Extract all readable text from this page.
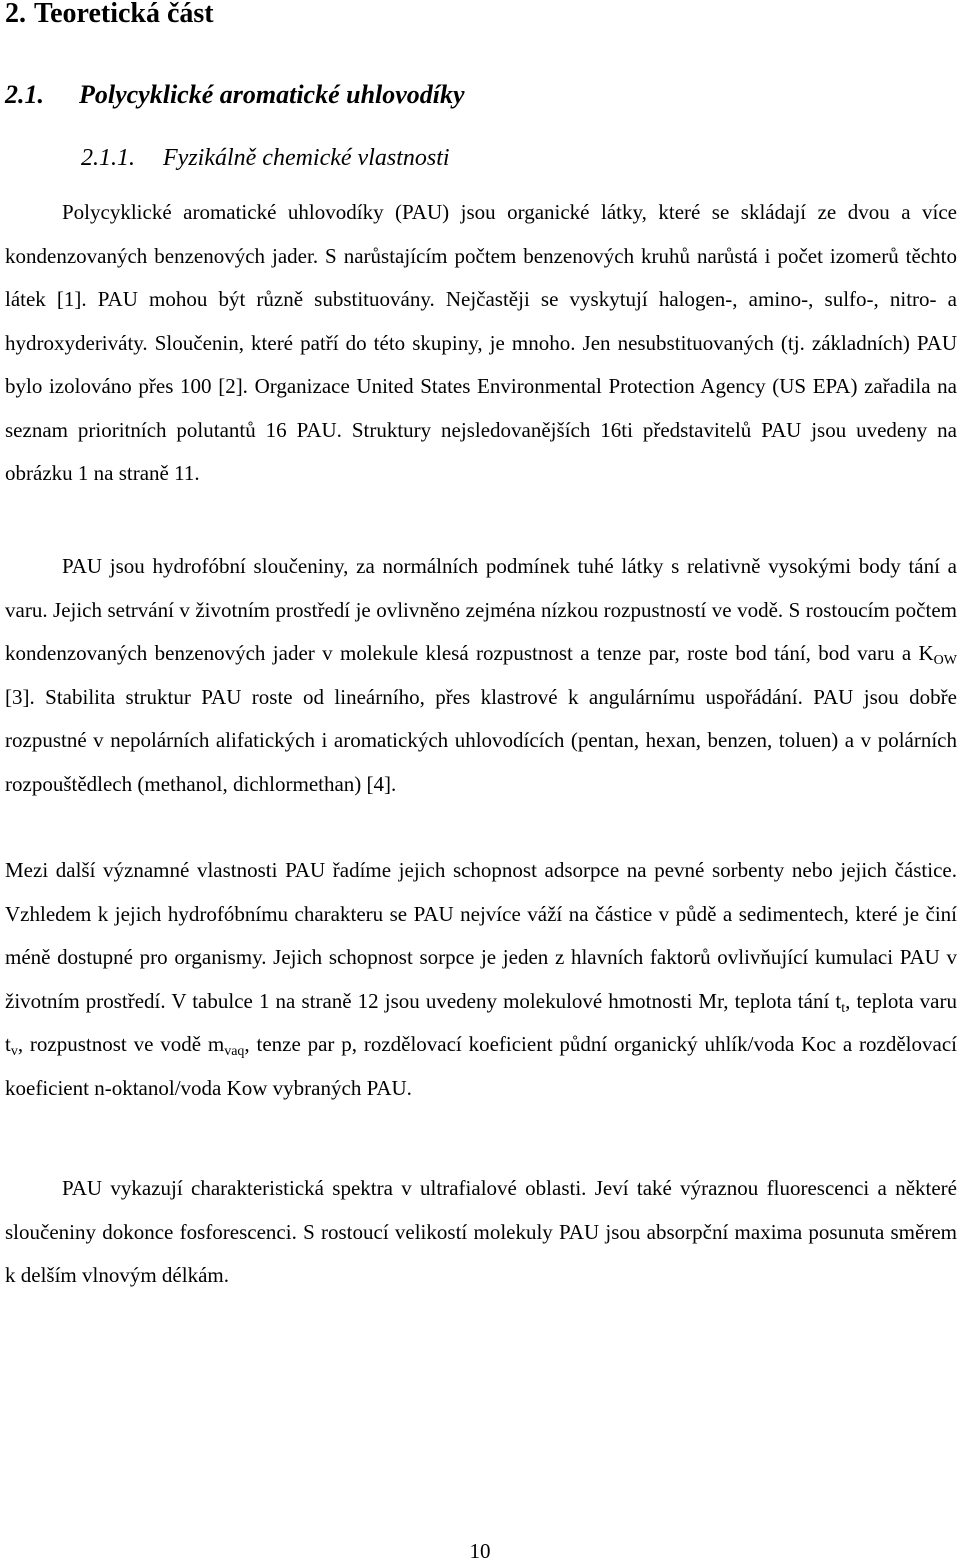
2. Teoretická část
2.1. Polycyklické aromatické uhlovodíky
2.1.1. Fyzikálně chemické vlastnosti

Polycyklické aromatické uhlovodíky (PAU) jsou organické látky, které se skládají ze dvou a více kondenzovaných benzenových jader. S narůstajícím počtem benzenových kruhů narůstá i počet izomerů těchto látek [1]. PAU mohou být různě substituovány. Nejčastěji se vyskytují halogen-, amino-, sulfo-, nitro- a hydroxyderiváty. Sloučenin, které patří do této skupiny, je mnoho. Jen nesubstituovaných (tj. základních) PAU bylo izolováno přes 100 [2]. Organizace United States Environmental Protection Agency (US EPA) zařadila na seznam prioritních polutantů 16 PAU. Struktury nejsledovanějších 16ti představitelů PAU jsou uvedeny na obrázku 1 na straně 11.

PAU jsou hydrofóbní sloučeniny, za normálních podmínek tuhé látky s relativně vysokými body tání a varu. Jejich setrvání v životním prostředí je ovlivněno zejména nízkou rozpustností ve vodě. S rostoucím počtem kondenzovaných benzenových jader v molekule klesá rozpustnost a tenze par, roste bod tání, bod varu a $K_{OW}$ [3]. Stabilita struktur PAU roste od lineárního, přes klastrové k angulárnímu uspořádání. PAU jsou dobře rozpustné v nepolárních alifatických i aromatických uhlovodících (pentan, hexan, benzen, toluen) a v polárních rozpouštědlech (methanol, dichlormethan) [4].

Mezi další významné vlastnosti PAU řadíme jejich schopnost adsorpce na pevné sorbenty nebo jejich částice. Vzhledem k jejich hydrofóbnímu charakteru se PAU nejvíce váží na částice v půdě a sedimentech, které je činí méně dostupné pro organismy. Jejich schopnost sorpce je jeden z hlavních faktorů ovlivňující kumulaci PAU v životním prostředí. V tabulce 1 na straně 12 jsou uvedeny molekulové hmotnosti Mr, teplota tání $t_t$, teplota varu $t_v$, rozpustnost ve vodě $m_{vaq}$, tenze par p, rozdělovací koeficient půdní organický uhlík/voda Koc a rozdělovací koeficient n-oktanol/voda Kow vybraných PAU.

PAU vykazují charakteristická spektra v ultrafialové oblasti. Jeví také výraznou fluorescenci a některé sloučeniny dokonce fosforescenci. S rostoucí velikostí molekuly PAU jsou absorpční maxima posunuta směrem k delším vlnovým délkám.

10
